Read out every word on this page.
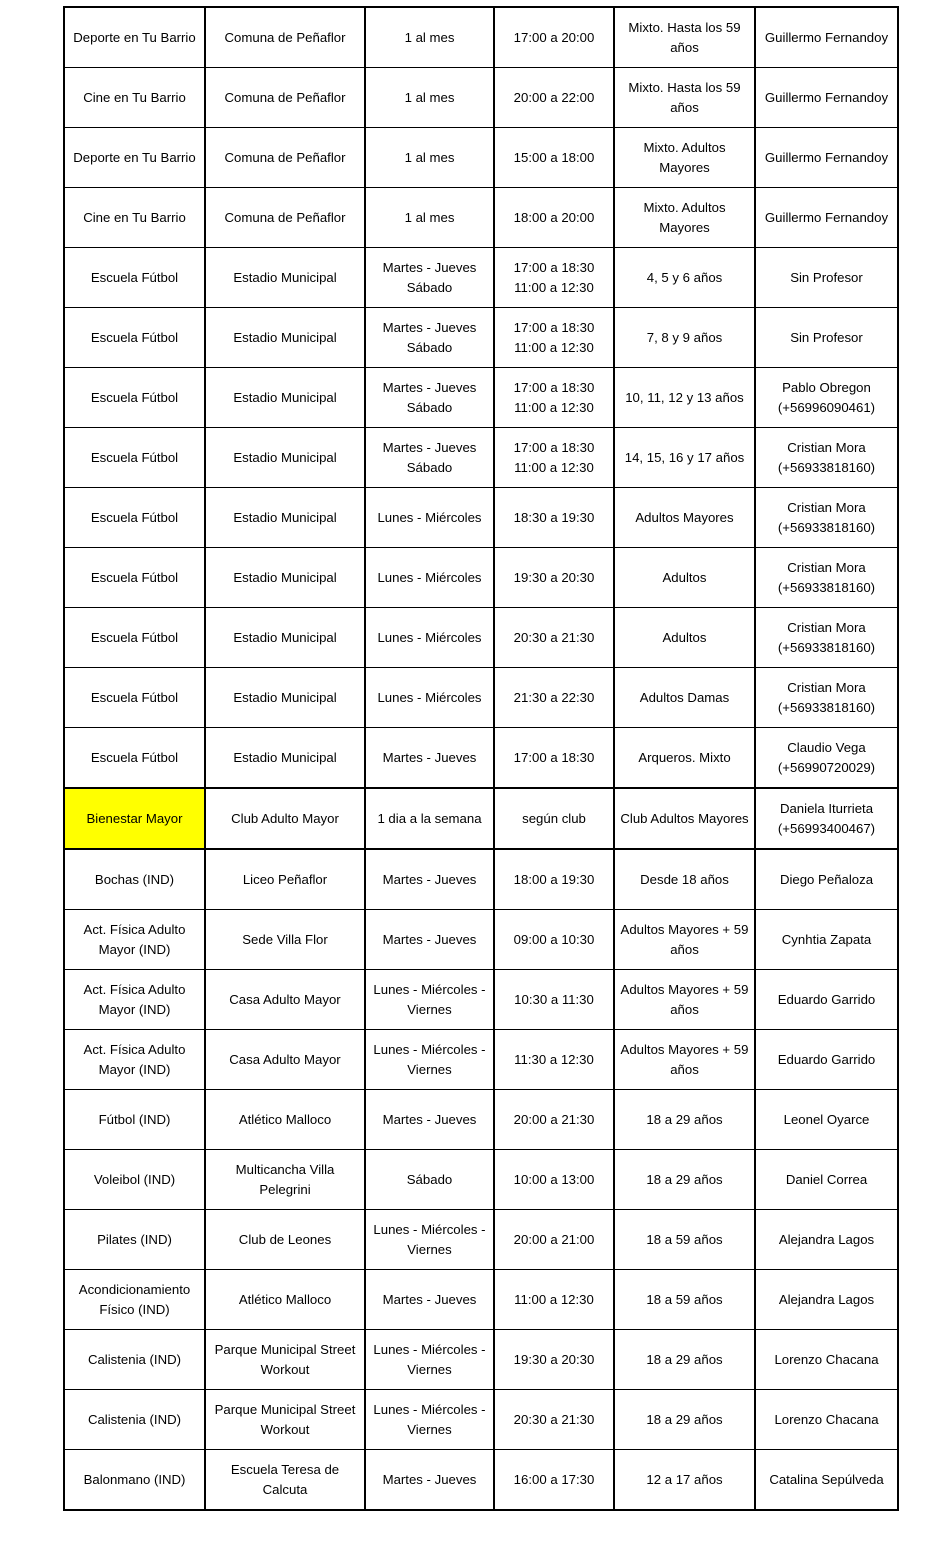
Deporte en Tu Barrio	Comuna de Peñaflor	1 al mes	17:00 a 20:00	Mixto. Hasta los 59
años	Guillermo Fernandoy
Cine en Tu Barrio	Comuna de Peñaflor	1 al mes	20:00 a 22:00	Mixto. Hasta los 59
años	Guillermo Fernandoy
Deporte en Tu Barrio	Comuna de Peñaflor	1 al mes	15:00 a 18:00	Mixto. Adultos
Mayores	Guillermo Fernandoy
Cine en Tu Barrio	Comuna de Peñaflor	1 al mes	18:00 a 20:00	Mixto. Adultos
Mayores	Guillermo Fernandoy
Escuela Fútbol	Estadio Municipal	Martes - Jueves
Sábado	17:00 a 18:30
11:00 a 12:30	4, 5 y 6 años	Sin Profesor
Escuela Fútbol	Estadio Municipal	Martes - Jueves
Sábado	17:00 a 18:30
11:00 a 12:30	7, 8 y 9 años	Sin Profesor
Escuela Fútbol	Estadio Municipal	Martes - Jueves
Sábado	17:00 a 18:30
11:00 a 12:30	10, 11, 12 y 13 años	Pablo Obregon
(+56996090461)
Escuela Fútbol	Estadio Municipal	Martes - Jueves
Sábado	17:00 a 18:30
11:00 a 12:30	14, 15, 16 y 17 años	Cristian Mora
(+56933818160)
Escuela Fútbol	Estadio Municipal	Lunes - Miércoles	18:30 a 19:30	Adultos Mayores	Cristian Mora
(+56933818160)
Escuela Fútbol	Estadio Municipal	Lunes - Miércoles	19:30 a 20:30	Adultos	Cristian Mora
(+56933818160)
Escuela Fútbol	Estadio Municipal	Lunes - Miércoles	20:30 a 21:30	Adultos	Cristian Mora
(+56933818160)
Escuela Fútbol	Estadio Municipal	Lunes - Miércoles	21:30 a 22:30	Adultos Damas	Cristian Mora
(+56933818160)
Escuela Fútbol	Estadio Municipal	Martes - Jueves	17:00 a 18:30	Arqueros. Mixto	Claudio Vega
(+56990720029)
Bienestar Mayor	Club Adulto Mayor	1 dia a la semana	según club	Club Adultos Mayores	Daniela Iturrieta
(+56993400467)
Bochas (IND)	Liceo Peñaflor	Martes - Jueves	18:00 a 19:30	Desde 18 años	Diego Peñaloza
Act. Física Adulto
Mayor (IND)	Sede Villa Flor	Martes - Jueves	09:00 a 10:30	Adultos Mayores + 59
años	Cynhtia Zapata
Act. Física Adulto
Mayor (IND)	Casa Adulto Mayor	Lunes - Miércoles -
Viernes	10:30 a 11:30	Adultos Mayores + 59
años	Eduardo Garrido
Act. Física Adulto
Mayor (IND)	Casa Adulto Mayor	Lunes - Miércoles -
Viernes	11:30 a 12:30	Adultos Mayores + 59
años	Eduardo Garrido
Fútbol (IND)	Atlético Malloco	Martes - Jueves	20:00 a 21:30	18 a 29 años	Leonel Oyarce
Voleibol (IND)	Multicancha Villa
Pelegrini	Sábado	10:00 a 13:00	18 a 29 años	Daniel Correa
Pilates (IND)	Club de Leones	Lunes - Miércoles -
Viernes	20:00 a 21:00	18 a 59 años	Alejandra Lagos
Acondicionamiento
Físico (IND)	Atlético Malloco	Martes - Jueves	11:00 a 12:30	18 a 59 años	Alejandra Lagos
Calistenia (IND)	Parque Municipal Street
Workout	Lunes - Miércoles -
Viernes	19:30 a 20:30	18 a 29 años	Lorenzo Chacana
Calistenia (IND)	Parque Municipal Street
Workout	Lunes - Miércoles -
Viernes	20:30 a 21:30	18 a 29 años	Lorenzo Chacana
Balonmano (IND)	Escuela Teresa de
Calcuta	Martes - Jueves	16:00 a 17:30	12 a 17 años	Catalina Sepúlveda
